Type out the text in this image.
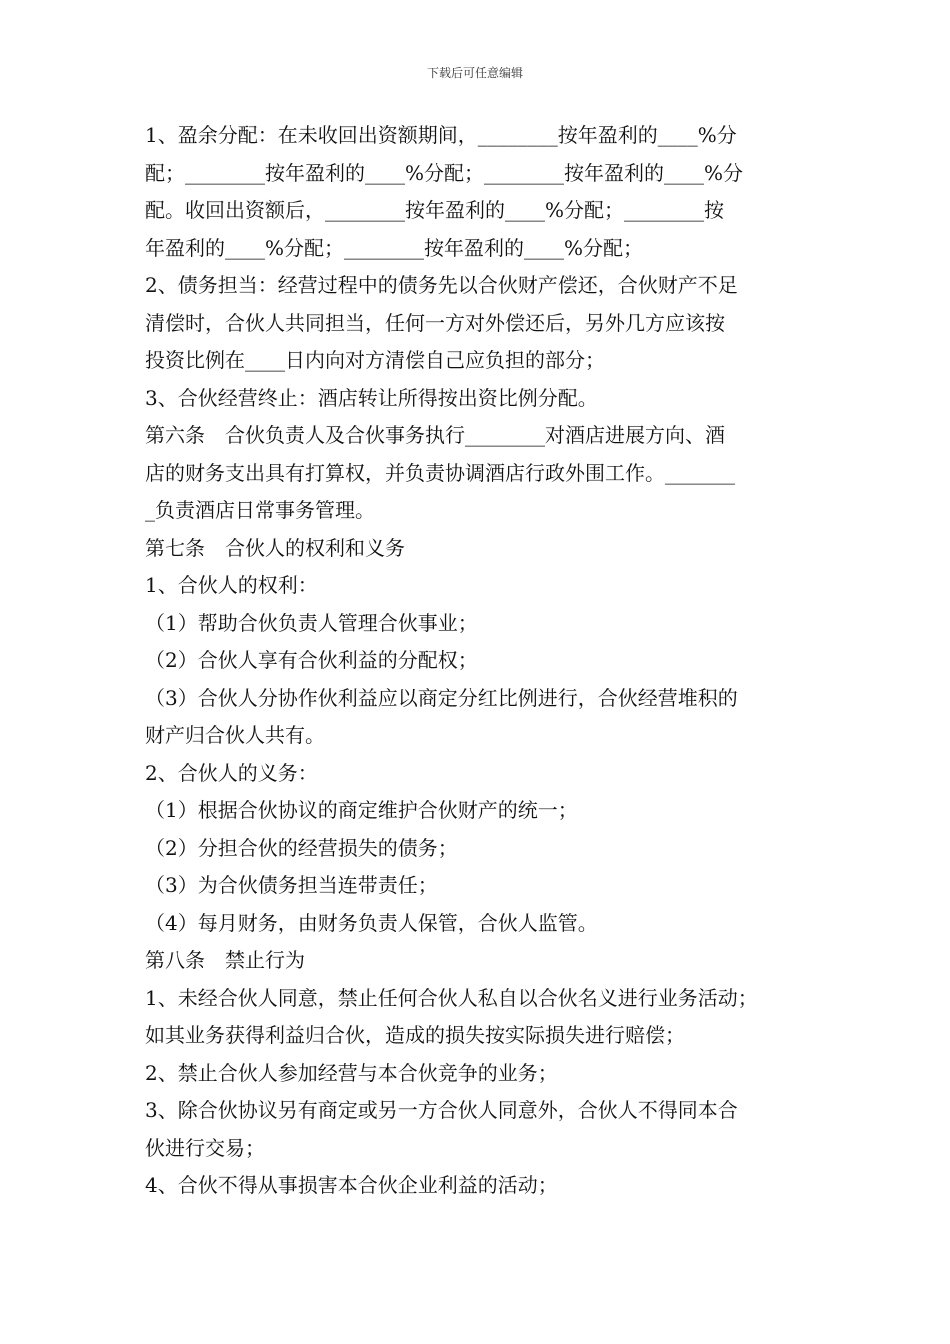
下载后可任意编辑
1、盈余分配：在未收回出资额期间，________按年盈利的____%分
配；________按年盈利的____%分配；________按年盈利的____%分
配。收回出资额后，________按年盈利的____%分配；________按
年盈利的____%分配；________按年盈利的____%分配；
2、债务担当：经营过程中的债务先以合伙财产偿还，合伙财产不足
清偿时，合伙人共同担当，任何一方对外偿还后，另外几方应该按
投资比例在____日内向对方清偿自己应负担的部分；
3、合伙经营终止：酒店转让所得按出资比例分配。
第六条　合伙负责人及合伙事务执行________对酒店进展方向、酒
店的财务支出具有打算权，并负责协调酒店行政外围工作。_______
_负责酒店日常事务管理。
第七条　合伙人的权利和义务
1、合伙人的权利：
（1）帮助合伙负责人管理合伙事业；
（2）合伙人享有合伙利益的分配权；
（3）合伙人分协作伙利益应以商定分红比例进行，合伙经营堆积的
财产归合伙人共有。
2、合伙人的义务：
（1）根据合伙协议的商定维护合伙财产的统一；
（2）分担合伙的经营损失的债务；
（3）为合伙债务担当连带责任；
（4）每月财务，由财务负责人保管，合伙人监管。
第八条　禁止行为
1、未经合伙人同意，禁止任何合伙人私自以合伙名义进行业务活动；
如其业务获得利益归合伙，造成的损失按实际损失进行赔偿；
2、禁止合伙人参加经营与本合伙竞争的业务；
3、除合伙协议另有商定或另一方合伙人同意外，合伙人不得同本合
伙进行交易；
4、合伙不得从事损害本合伙企业利益的活动；
